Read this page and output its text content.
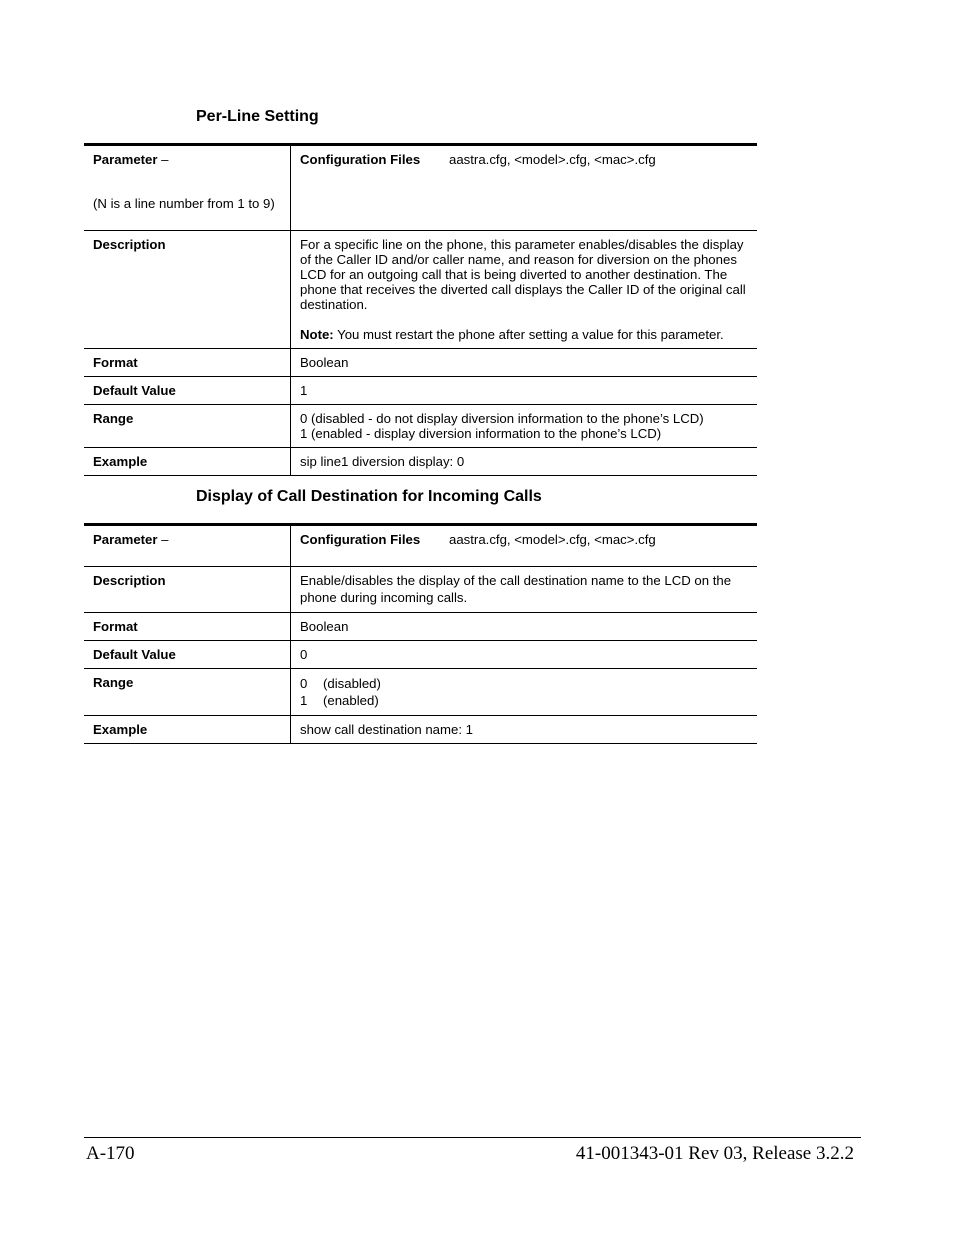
Per-Line Setting
Parameter –
(N is a line number from 1 to 9)	Configuration Files aastra.cfg, <model>.cfg, <mac>.cfg
Description	For a specific line on the phone, this parameter enables/disables the display of the Caller ID and/or caller name, and reason for diversion on the phones LCD for an outgoing call that is being diverted to another destination. The phone that receives the diverted call displays the Caller ID of the original call destination.
Note: You must restart the phone after setting a value for this parameter.
Format	Boolean
Default Value	1
Range	0 (disabled - do not display diversion information to the phone’s LCD)
1 (enabled - display diversion information to the phone’s LCD)

Example	sip line1 diversion display: 0
Display of Call Destination for Incoming Calls
Parameter –	Configuration Files aastra.cfg, <model>.cfg, <mac>.cfg
Description	Enable/disables the display of the call destination name to the LCD on the phone during incoming calls.
Format	Boolean
Default Value	0
Range	0 (disabled)
1 (enabled)

Example	show call destination name: 1
A-170	41-001343-01 Rev 03, Release 3.2.2
